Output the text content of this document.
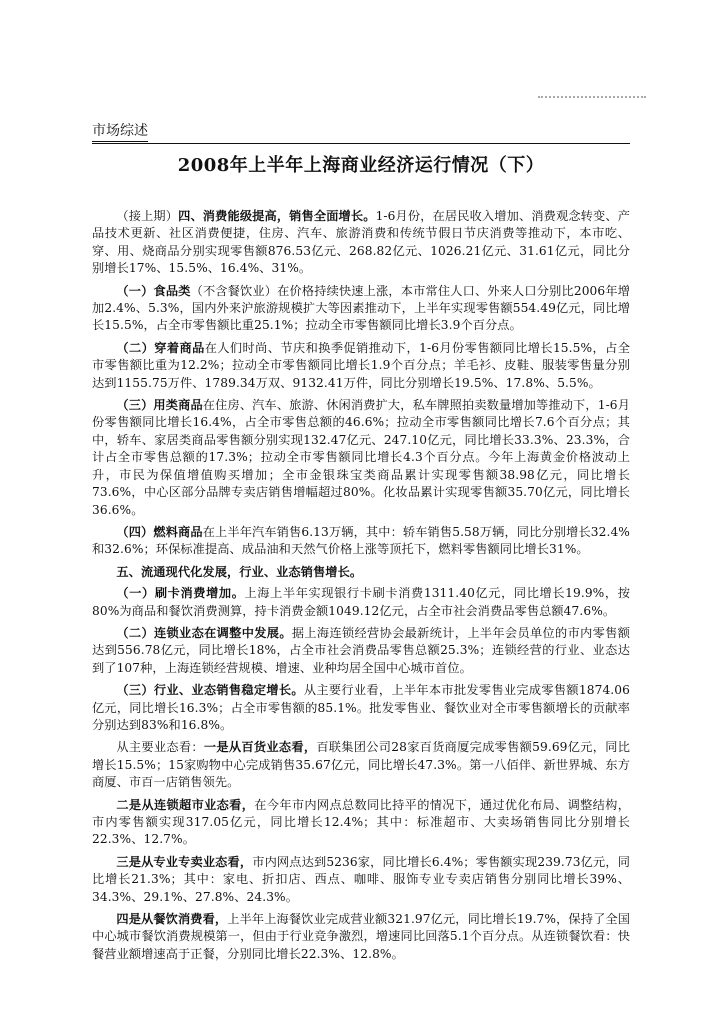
市场综述
2008年上半年上海商业经济运行情况（下）

（接上期）四、消费能级提高，销售全面增长。1-6月份，在居民收入增加、消费观念转变、产品技术更新、社区消费便捷，住房、汽车、旅游消费和传统节假日节庆消费等推动下，本市吃、穿、用、烧商品分别实现零售额876.53亿元、268.82亿元、1026.21亿元、31.61亿元，同比分别增长17%、15.5%、16.4%、31%。

（一）食品类（不含餐饮业）在价格持续快速上涨，本市常住人口、外来人口分别比2006年增加2.4%、5.3%，国内外来沪旅游规模扩大等因素推动下，上半年实现零售额554.49亿元，同比增长15.5%，占全市零售额比重25.1%；拉动全市零售额同比增长3.9个百分点。

（二）穿着商品在人们时尚、节庆和换季促销推动下，1-6月份零售额同比增长15.5%，占全市零售额比重为12.2%；拉动全市零售额同比增长1.9个百分点；羊毛衫、皮鞋、服装零售量分别达到1155.75万件、1789.34万双、9132.41万件，同比分别增长19.5%、17.8%、5.5%。

（三）用类商品在住房、汽车、旅游、休闲消费扩大，私车牌照拍卖数量增加等推动下，1-6月份零售额同比增长16.4%，占全市零售总额的46.6%；拉动全市零售额同比增长7.6个百分点；其中，轿车、家居类商品零售额分别实现132.47亿元、247.10亿元，同比增长33.3%、23.3%，合计占全市零售总额的17.3%；拉动全市零售额同比增长4.3个百分点。今年上海黄金价格波动上升，市民为保值增值购买增加；全市金银珠宝类商品累计实现零售额38.98亿元，同比增长73.6%，中心区部分品牌专卖店销售增幅超过80%。化妆品累计实现零售额35.70亿元，同比增长36.6%。

（四）燃料商品在上半年汽车销售6.13万辆，其中：轿车销售5.58万辆，同比分别增长32.4%和32.6%；环保标准提高、成品油和天然气价格上涨等顶托下，燃料零售额同比增长31%。

五、流通现代化发展，行业、业态销售增长。

（一）刷卡消费增加。上海上半年实现银行卡刷卡消费1311.40亿元，同比增长19.9%，按80%为商品和餐饮消费测算，持卡消费金额1049.12亿元，占全市社会消费品零售总额47.6%。

（二）连锁业态在调整中发展。据上海连锁经营协会最新统计，上半年会员单位的市内零售额达到556.78亿元，同比增长18%，占全市社会消费品零售总额25.3%；连锁经营的行业、业态达到了107种，上海连锁经营规模、增速、业种均居全国中心城市首位。

（三）行业、业态销售稳定增长。从主要行业看，上半年本市批发零售业完成零售额1874.06亿元，同比增长16.3%；占全市零售额的85.1%。批发零售业、餐饮业对全市零售额增长的贡献率分别达到83%和16.8%。

从主要业态看：一是从百货业态看，百联集团公司28家百货商厦完成零售额59.69亿元，同比增长15.5%；15家购物中心完成销售35.67亿元，同比增长47.3%。第一八佰伴、新世界城、东方商厦、市百一店销售领先。

二是从连锁超市业态看，在今年市内网点总数同比持平的情况下，通过优化布局、调整结构，市内零售额实现317.05亿元，同比增长12.4%；其中：标准超市、大卖场销售同比分别增长22.3%、12.7%。

三是从专业专卖业态看，市内网点达到5236家，同比增长6.4%；零售额实现239.73亿元，同比增长21.3%；其中：家电、折扣店、西点、咖啡、服饰专业专卖店销售分别同比增长39%、34.3%、29.1%、27.8%、24.3%。

四是从餐饮消费看，上半年上海餐饮业完成营业额321.97亿元，同比增长19.7%，保持了全国中心城市餐饮消费规模第一，但由于行业竞争激烈，增速同比回落5.1个百分点。从连锁餐饮看：快餐营业额增速高于正餐，分别同比增长22.3%、12.8%。
